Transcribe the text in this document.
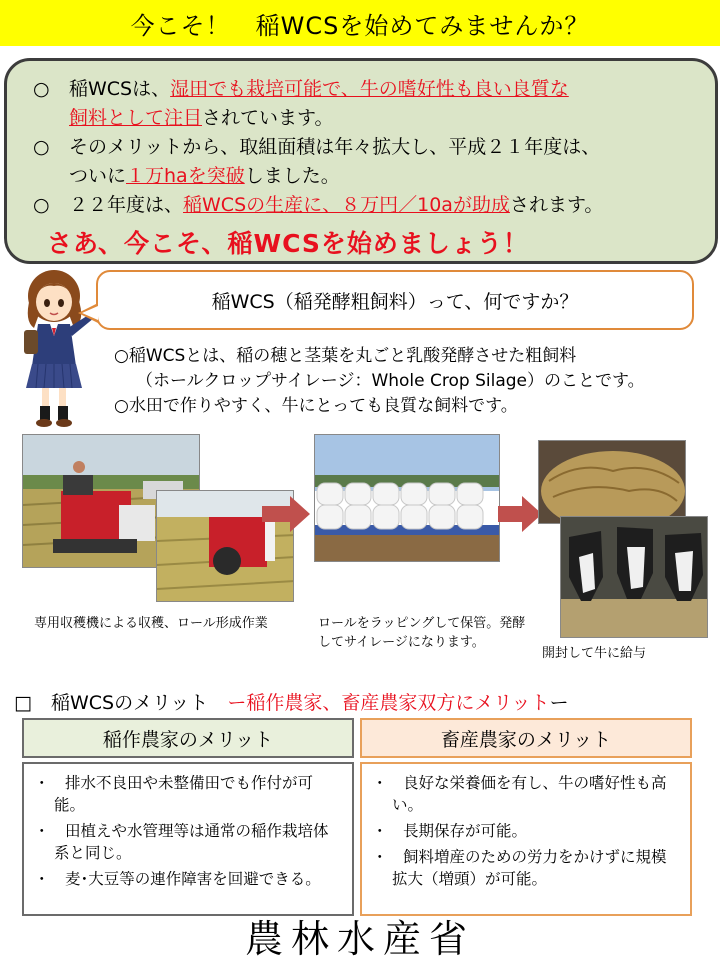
今こそ！　稲WCSを始めてみませんか？
○ 稲WCSは、湿田でも栽培可能で、牛の嗜好性も良い良質な
飼料として注目されています。
○ そのメリットから、取組面積は年々拡大し、平成２１年度は、
ついに１万haを突破しました。
○ ２２年度は、稲WCSの生産に、８万円／10aが助成されます。
さあ、今こそ、稲WCSを始めましょう！
稲WCS（稲発酵粗飼料）って、何ですか？
○稲WCSとは、稲の穂と茎葉を丸ごと乳酸発酵させた粗飼料
（ホールクロップサイレージ：Whole Crop Silage）のことです。
○水田で作りやすく、牛にとっても良質な飼料です。
専用収穫機による収穫、ロール形成作業	ロールをラッピングして保管。発酵してサイレージになります。
開封して牛に給与
□　稲WCSのメリット　ー稲作農家、畜産農家双方にメリットー
稲作農家のメリット	畜産農家のメリット
・　排水不良田や未整備田でも作付が可能。
・　田植えや水管理等は通常の稲作栽培体系と同じ。
・　麦･大豆等の連作障害を回避できる。
・　良好な栄養価を有し、牛の嗜好性も高い。
・　長期保存が可能。
・　飼料増産のための労力をかけずに規模拡大（増頭）が可能。
農林水産省
